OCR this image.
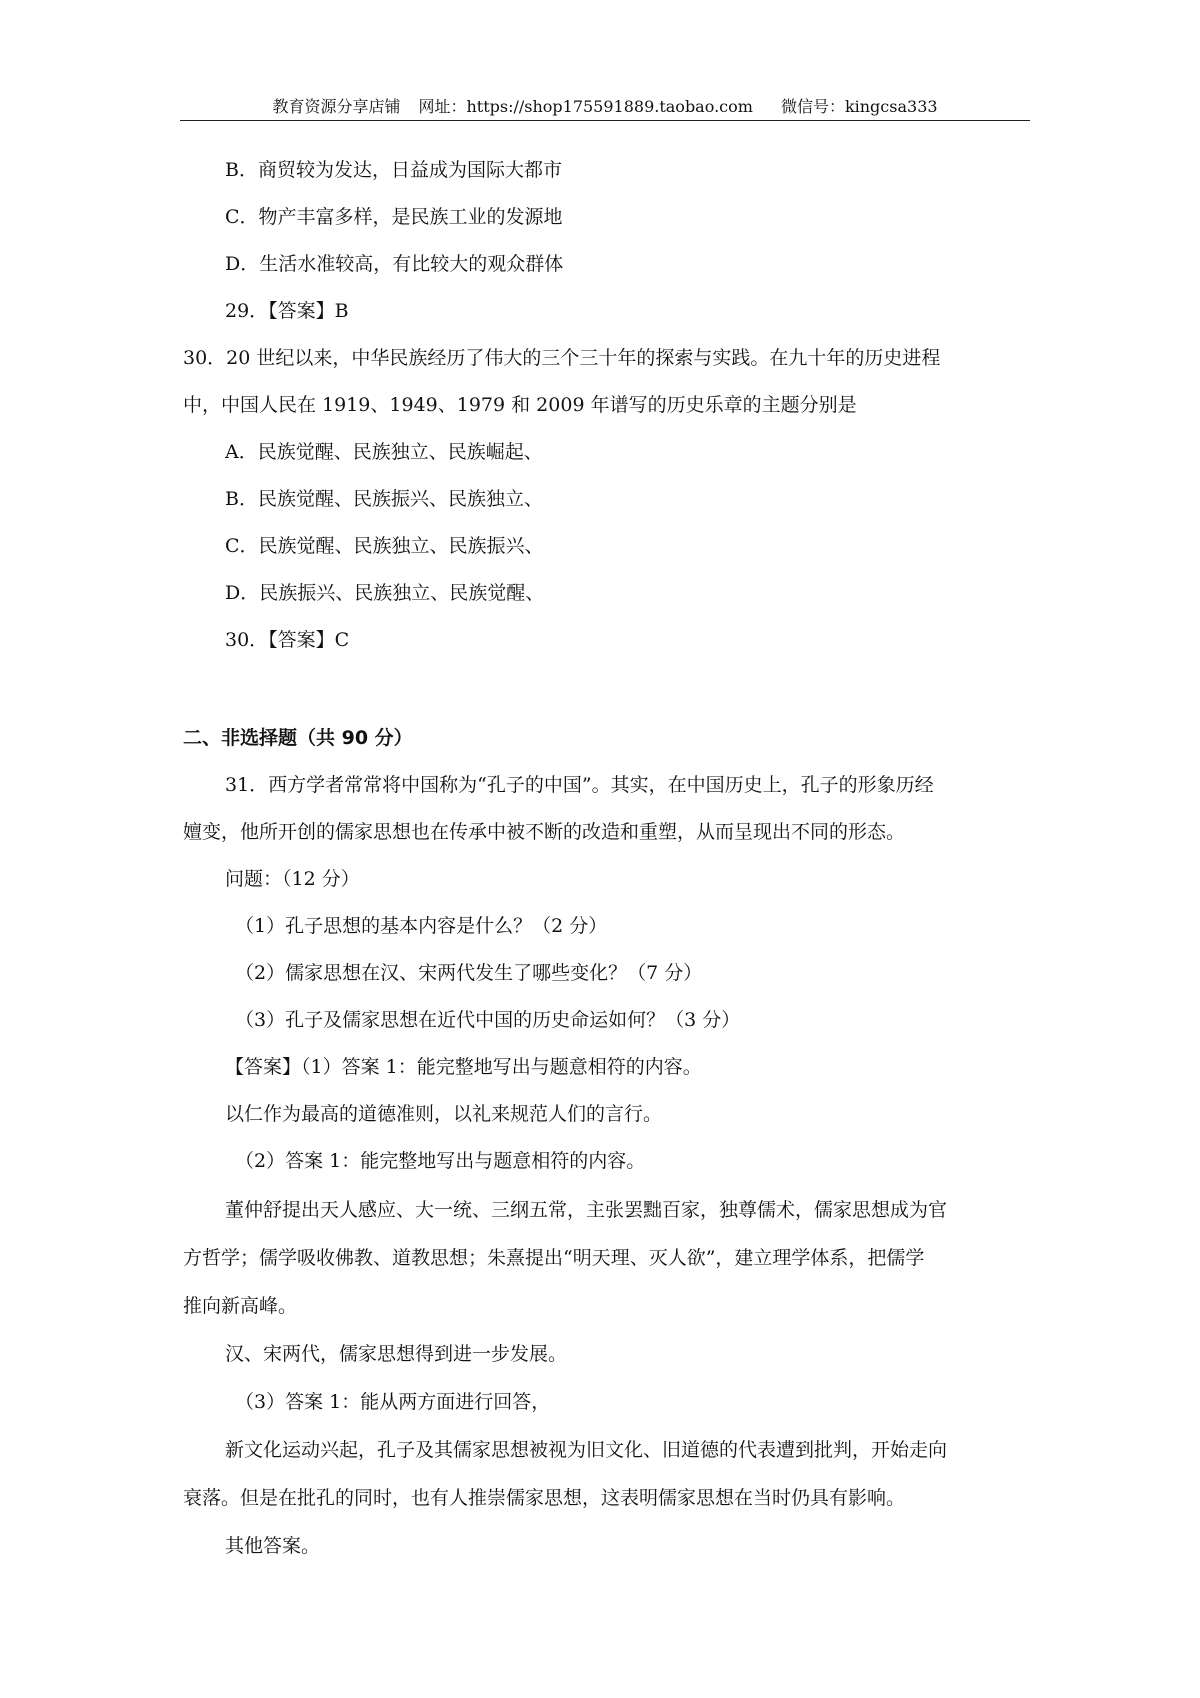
教育资源分享店铺 网址：https://shop175591889.taobao.com 微信号：kingcsa333
B．商贸较为发达，日益成为国际大都市
C．物产丰富多样，是民族工业的发源地
D．生活水准较高，有比较大的观众群体
29．【答案】B
30．20 世纪以来，中华民族经历了伟大的三个三十年的探索与实践。在九十年的历史进程
中，中国人民在 1919、1949、1979 和 2009 年谱写的历史乐章的主题分别是
A．民族觉醒、民族独立、民族崛起、
B．民族觉醒、民族振兴、民族独立、
C．民族觉醒、民族独立、民族振兴、
D．民族振兴、民族独立、民族觉醒、
30．【答案】C
二、非选择题（共 90 分）
31．西方学者常常将中国称为“孔子的中国”。其实，在中国历史上，孔子的形象历经
嬗变，他所开创的儒家思想也在传承中被不断的改造和重塑，从而呈现出不同的形态。
问题：（12 分）
（1）孔子思想的基本内容是什么？（2 分）
（2）儒家思想在汉、宋两代发生了哪些变化？（7 分）
（3）孔子及儒家思想在近代中国的历史命运如何？（3 分）
【答案】（1）答案 1：能完整地写出与题意相符的内容。
以仁作为最高的道德准则，以礼来规范人们的言行。
（2）答案 1：能完整地写出与题意相符的内容。
董仲舒提出天人感应、大一统、三纲五常，主张罢黜百家，独尊儒术，儒家思想成为官
方哲学；儒学吸收佛教、道教思想；朱熹提出“明天理、灭人欲”，建立理学体系，把儒学
推向新高峰。
汉、宋两代，儒家思想得到进一步发展。
（3）答案 1：能从两方面进行回答，
新文化运动兴起，孔子及其儒家思想被视为旧文化、旧道德的代表遭到批判，开始走向
衰落。但是在批孔的同时，也有人推崇儒家思想，这表明儒家思想在当时仍具有影响。
其他答案。
